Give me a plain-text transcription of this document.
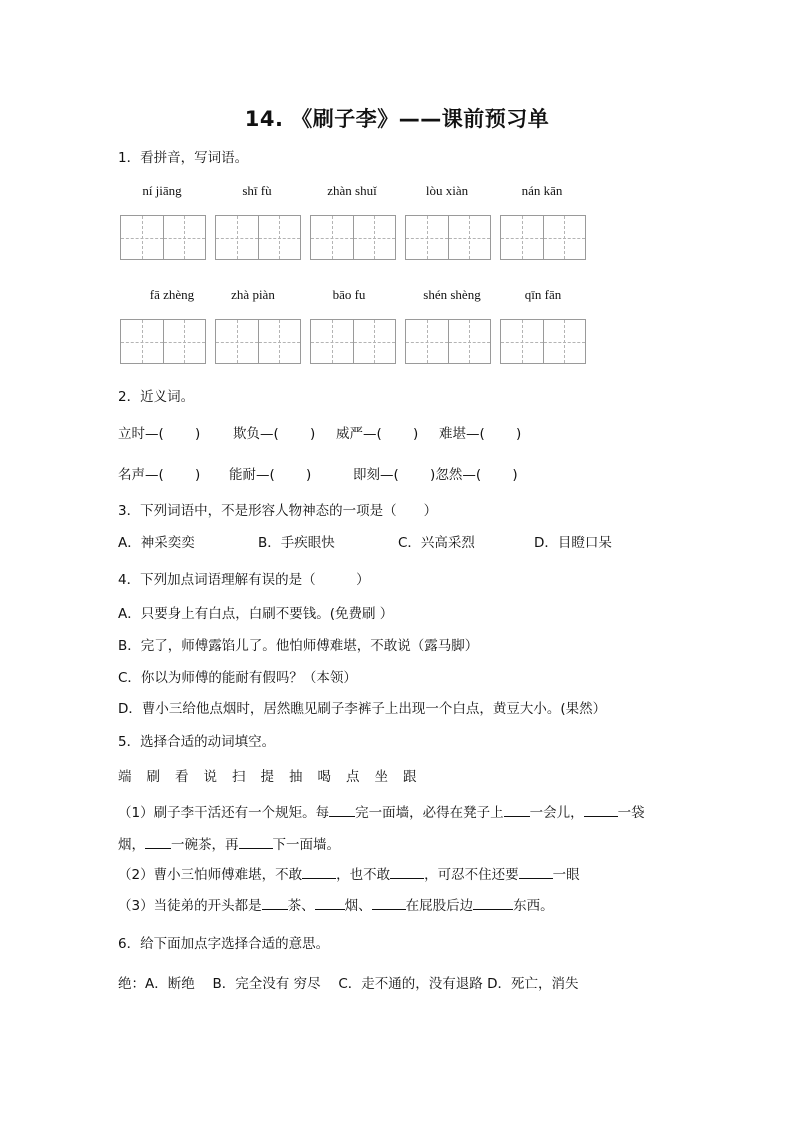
14. 《刷子李》——课前预习单
1．看拼音，写词语。
ní jiāng	shī fù	zhàn shuǐ	lòu xiàn	nán kān
fā zhèng	zhà piàn	bāo fu	shén shèng	qīn fān
2．近义词。
立时—(　　 ) 欺负—(　　 ) 威严—(　　 ) 难堪—(　　 )
名声—(　　 ) 能耐—(　　 )	即刻—(　　 )忽然—(　　 )
3．下列词语中，不是形容人物神态的一项是（　　）
A．神采奕奕	B．手疾眼快	C．兴高采烈	D．目瞪口呆
4．下列加点词语理解有误的是（　　　）
A．只要身上有白点，白刷不要钱。(免费刷 ）
B．完了，师傅露馅儿了。他怕师傅难堪，不敢说（露马脚）
C．你以为师傅的能耐有假吗？（本领）
D．曹小三给他点烟时，居然瞧见刷子李裤子上出现一个白点，黄豆大小。(果然）
5．选择合适的动词填空。
端 刷 看 说 扫 提 抽 喝 点 坐 跟
（1）刷子李干活还有一个规矩。每 完一面墙，必得在凳子上 一会儿，	一袋
烟， 一碗茶，再	下一面墙。
（2）曹小三怕师傅难堪，不敢	，也不敢	，可忍不住还要	一眼
（3）当徒弟的开头都是 茶、 烟、	在屁股后边	东西。
6．给下面加点字选择合适的意思。
绝：A．断绝　 B．完全没有 穷尽　 C．走不通的，没有退路 D．死亡，消失
